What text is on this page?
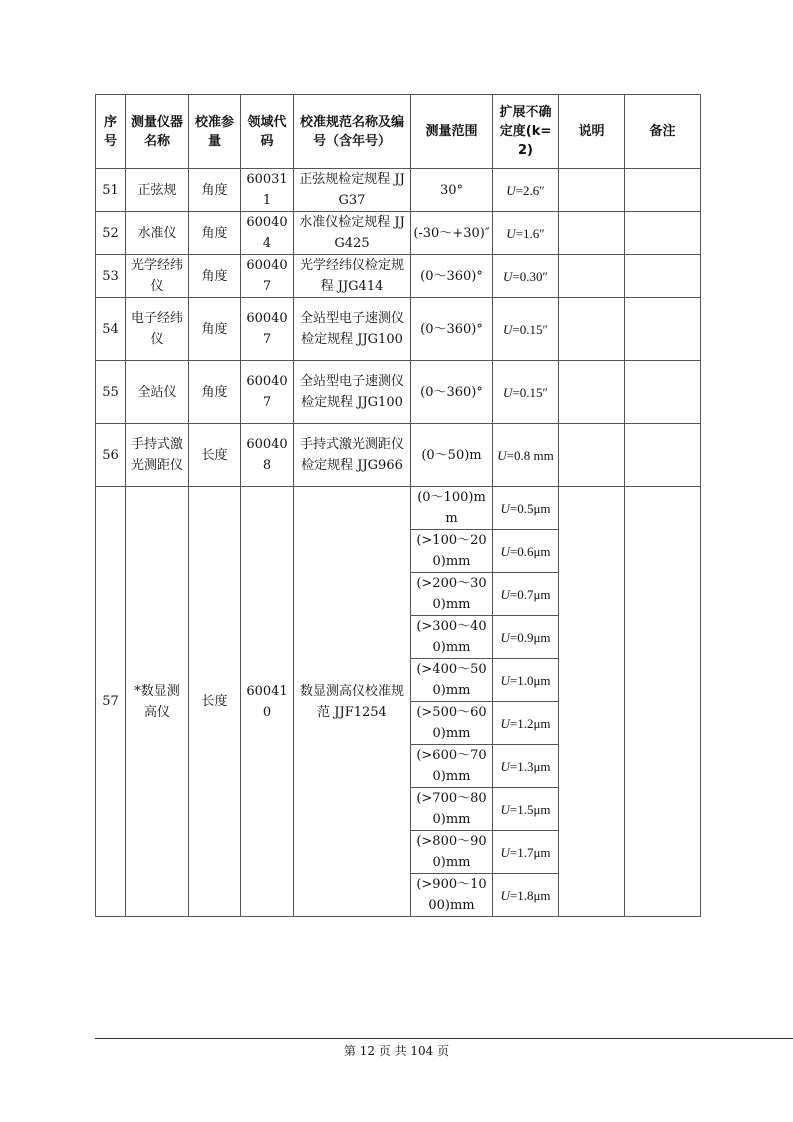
序号	测量仪器名称	校准参量	领域代码	校准规范名称及编号（含年号）	测量范围	扩展不确定度(k=2)	说明	备注
51	正弦规	角度	600311	正弦规检定规程 JJG37	30°	U=2.6″		
52	水准仪	角度	600404	水准仪检定规程 JJG425	(-30～+30)″	U=1.6″		
53	光学经纬仪	角度	600407	光学经纬仪检定规程 JJG414	(0～360)°	U=0.30″		
54	电子经纬仪	角度	600407	全站型电子速测仪检定规程 JJG100	(0～360)°	U=0.15″		
55	全站仪	角度	600407	全站型电子速测仪检定规程 JJG100	(0～360)°	U=0.15″		
56	手持式激光测距仪	长度	600408	手持式激光测距仪检定规程 JJG966	(0～50)m	U=0.8 mm		
57	*数显测高仪	长度	600410	数显测高仪校准规范 JJF1254	(0～100)mm	U=0.5μm		
					(>100～200)mm	U=0.6μm		
					(>200～300)mm	U=0.7μm		
					(>300～400)mm	U=0.9μm		
					(>400～500)mm	U=1.0μm		
					(>500～600)mm	U=1.2μm		
					(>600～700)mm	U=1.3μm		
					(>700～800)mm	U=1.5μm		
					(>800～900)mm	U=1.7μm		
					(>900～1000)mm	U=1.8μm		
第 12 页 共 104 页
